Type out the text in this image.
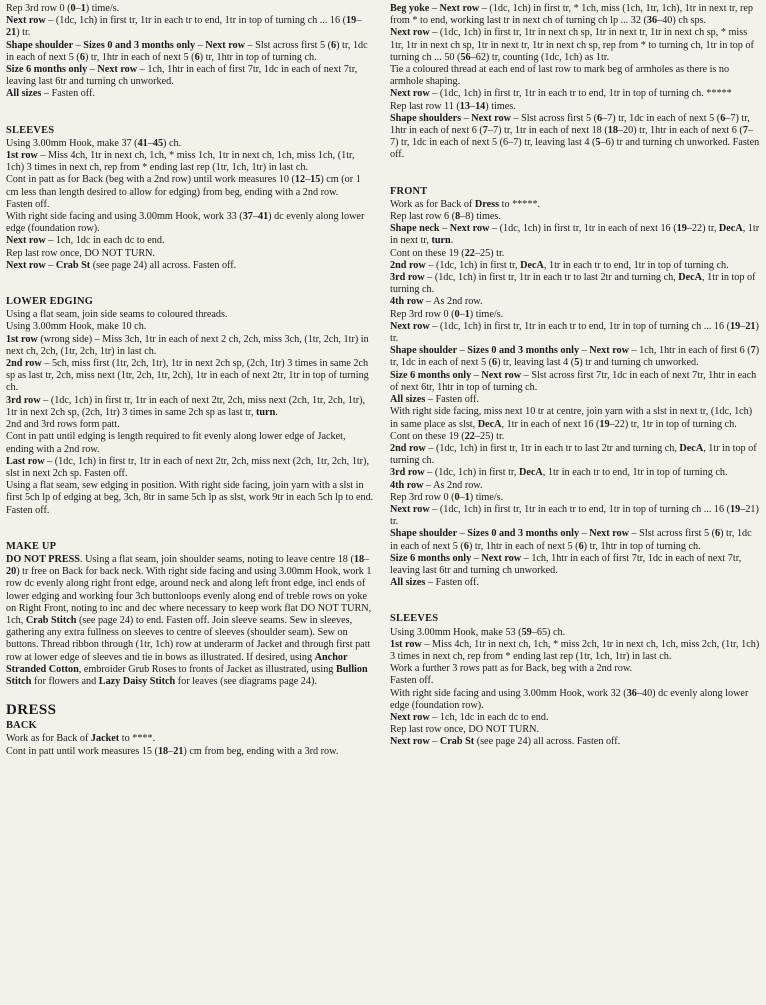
Rep 3rd row 0 (0–1) time/s.

Next row – (1dc, 1ch) in first tr, 1tr in each tr to end, 1tr in top of turning ch ... 16 (19–21) tr.

Shape shoulder – Sizes 0 and 3 months only – Next row – Slst across first 5 (6) tr, 1dc in each of next 5 (6) tr, 1htr in each of next 5 (6) tr, 1htr in top of turning ch.

Size 6 months only – Next row – 1ch, 1htr in each of first 7tr, 1dc in each of next 7tr, leaving last 6tr and turning ch unworked.

All sizes – Fasten off.

SLEEVES

Using 3.00mm Hook, make 37 (41–45) ch.

1st row – Miss 4ch, 1tr in next ch, 1ch, * miss 1ch, 1tr in next ch, 1ch, miss 1ch, (1tr, 1ch) 3 times in next ch, rep from * ending last rep (1tr, 1ch, 1tr) in last ch.

Cont in patt as for Back (beg with a 2nd row) until work measures 10 (12–15) cm (or 1 cm less than length desired to allow for edging) from beg, ending with a 2nd row.

Fasten off.

With right side facing and using 3.00mm Hook, work 33 (37–41) dc evenly along lower edge (foundation row).

Next row – 1ch, 1dc in each dc to end.

Rep last row once, DO NOT TURN.

Next row – Crab St (see page 24) all across. Fasten off.

LOWER EDGING

Using a flat seam, join side seams to coloured threads.

Using 3.00mm Hook, make 10 ch.

1st row (wrong side) – Miss 3ch, 1tr in each of next 2 ch, 2ch, miss 3ch, (1tr, 2ch, 1tr) in next ch, 2ch, (1tr, 2ch, 1tr) in last ch.

2nd row – 5ch, miss first (1tr, 2ch, 1tr), 1tr in next 2ch sp, (2ch, 1tr) 3 times in same 2ch sp as last tr, 2ch, miss next (1tr, 2ch, 1tr, 2ch), 1tr in each of next 2tr, 1tr in top of turning ch.

3rd row – (1dc, 1ch) in first tr, 1tr in each of next 2tr, 2ch, miss next (2ch, 1tr, 2ch, 1tr), 1tr in next 2ch sp, (2ch, 1tr) 3 times in same 2ch sp as last tr, turn.

2nd and 3rd rows form patt.

Cont in patt until edging is length required to fit evenly along lower edge of Jacket, ending with a 2nd row.

Last row – (1dc, 1ch) in first tr, 1tr in each of next 2tr, 2ch, miss next (2ch, 1tr, 2ch, 1tr), slst in next 2ch sp. Fasten off.

Using a flat seam, sew edging in position. With right side facing, join yarn with a slst in first 5ch lp of edging at beg, 3ch, 8tr in same 5ch lp as slst, work 9tr in each 5ch lp to end. Fasten off.

MAKE UP

DO NOT PRESS. Using a flat seam, join shoulder seams, noting to leave centre 18 (18–20) tr free on Back for back neck. With right side facing and using 3.00mm Hook, work 1 row dc evenly along right front edge, around neck and along left front edge, incl ends of lower edging and working four 3ch buttonloops evenly along end of treble rows on yoke on Right Front, noting to inc and dec where necessary to keep work flat DO NOT TURN, 1ch, Crab Stitch (see page 24) to end. Fasten off. Join sleeve seams. Sew in sleeves, gathering any extra fullness on sleeves to centre of sleeves (shoulder seam). Sew on buttons. Thread ribbon through (1tr, 1ch) row at underarm of Jacket and through first patt row at lower edge of sleeves and tie in bows as illustrated. If desired, using Anchor Stranded Cotton, embroider Grub Roses to fronts of Jacket as illustrated, using Bullion Stitch for flowers and Lazy Daisy Stitch for leaves (see diagrams page 24).

DRESS
BACK

Work as for Back of Jacket to ****.

Cont in patt until work measures 15 (18–21) cm from beg, ending with a 3rd row.

Beg yoke – Next row – (1dc, 1ch) in first tr, * 1ch, miss (1ch, 1tr, 1ch), 1tr in next tr, rep from * to end, working last tr in next ch of turning ch lp ... 32 (36–40) ch sps.

Next row – (1dc, 1ch) in first tr, 1tr in next ch sp, 1tr in next tr, 1tr in next ch sp, * miss 1tr, 1tr in next ch sp, 1tr in next tr, 1tr in next ch sp, rep from * to turning ch, 1tr in top of turning ch ... 50 (56–62) tr, counting (1dc, 1ch) as 1tr.

Tie a coloured thread at each end of last row to mark beg of armholes as there is no armhole shaping.

Next row – (1dc, 1ch) in first tr, 1tr in each tr to end, 1tr in top of turning ch. *****

Rep last row 11 (13–14) times.

Shape shoulders – Next row – Slst across first 5 (6–7) tr, 1dc in each of next 5 (6–7) tr, 1htr in each of next 6 (7–7) tr, 1tr in each of next 18 (18–20) tr, 1htr in each of next 6 (7–7) tr, 1dc in each of next 5 (6–7) tr, leaving last 4 (5–6) tr and turning ch unworked. Fasten off.

FRONT

Work as for Back of Dress to *****.

Rep last row 6 (8–8) times.

Shape neck – Next row – (1dc, 1ch) in first tr, 1tr in each of next 16 (19–22) tr, DecA, 1tr in next tr, turn.

Cont on these 19 (22–25) tr.

2nd row – (1dc, 1ch) in first tr, DecA, 1tr in each tr to end, 1tr in top of turning ch.

3rd row – (1dc, 1ch) in first tr, 1tr in each tr to last 2tr and turning ch, DecA, 1tr in top of turning ch.

4th row – As 2nd row.

Rep 3rd row 0 (0–1) time/s.

Next row – (1dc, 1ch) in first tr, 1tr in each tr to end, 1tr in top of turning ch ... 16 (19–21) tr.

Shape shoulder – Sizes 0 and 3 months only – Next row – 1ch, 1htr in each of first 6 (7) tr, 1dc in each of next 5 (6) tr, leaving last 4 (5) tr and turning ch unworked.

Size 6 months only – Next row – Slst across first 7tr, 1dc in each of next 7tr, 1htr in each of next 6tr, 1htr in top of turning ch.

All sizes – Fasten off.

With right side facing, miss next 10 tr at centre, join yarn with a slst in next tr, (1dc, 1ch) in same place as slst, DecA, 1tr in each of next 16 (19–22) tr, 1tr in top of turning ch.

Cont on these 19 (22–25) tr.

2nd row – (1dc, 1ch) in first tr, 1tr in each tr to last 2tr and turning ch, DecA, 1tr in top of turning ch.

3rd row – (1dc, 1ch) in first tr, DecA, 1tr in each tr to end, 1tr in top of turning ch.

4th row – As 2nd row.

Rep 3rd row 0 (0–1) time/s.

Next row – (1dc, 1ch) in first tr, 1tr in each tr to end, 1tr in top of turning ch ... 16 (19–21) tr.

Shape shoulder – Sizes 0 and 3 months only – Next row – Slst across first 5 (6) tr, 1dc in each of next 5 (6) tr, 1htr in each of next 5 (6) tr, 1htr in top of turning ch.

Size 6 months only – Next row – 1ch, 1htr in each of first 7tr, 1dc in each of next 7tr, leaving last 6tr and turning ch unworked.

All sizes – Fasten off.

SLEEVES

Using 3.00mm Hook, make 53 (59–65) ch.

1st row – Miss 4ch, 1tr in next ch, 1ch, * miss 2ch, 1tr in next ch, 1ch, miss 2ch, (1tr, 1ch) 3 times in next ch, rep from * ending last rep (1tr, 1ch, 1tr) in last ch.

Work a further 3 rows patt as for Back, beg with a 2nd row.

Fasten off.

With right side facing and using 3.00mm Hook, work 32 (36–40) dc evenly along lower edge (foundation row).

Next row – 1ch, 1dc in each dc to end.

Rep last row once, DO NOT TURN.

Next row – Crab St (see page 24) all across. Fasten off.
